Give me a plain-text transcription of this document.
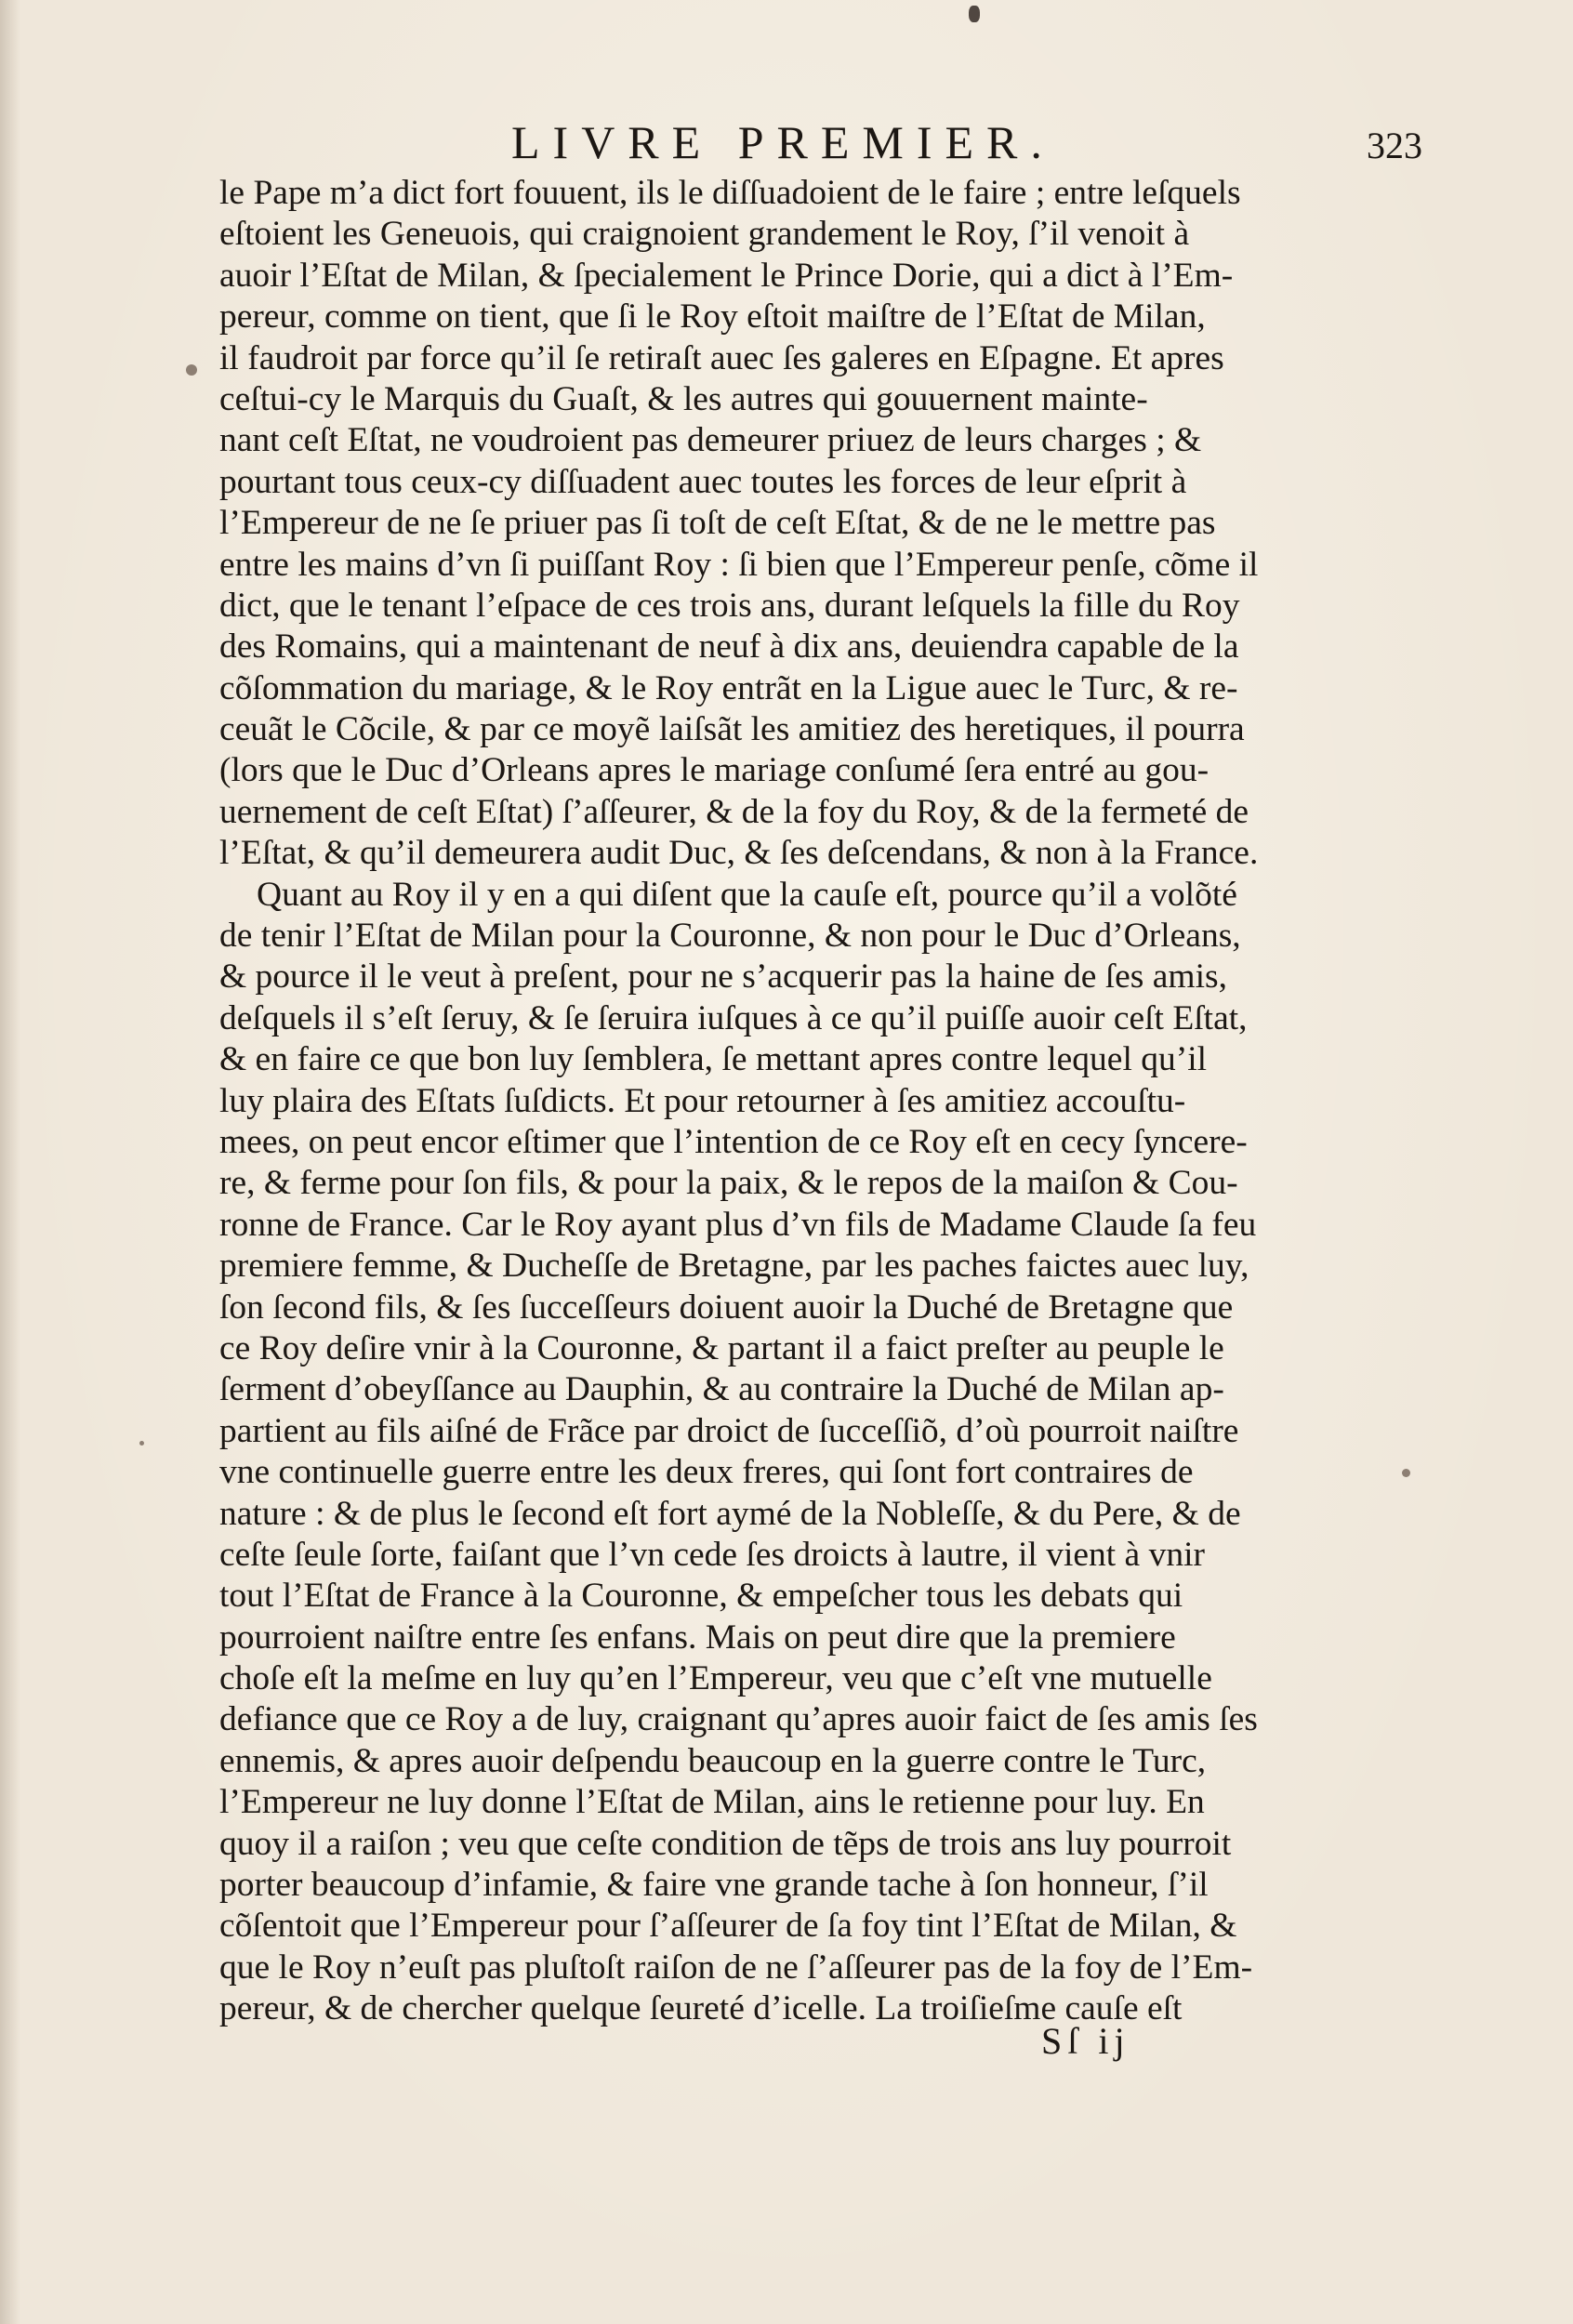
LIVRE PREMIER.	323
le Pape m’a dict fort fouuent, ils le diſſuadoient de le faire ; entre leſquels
eſtoient les Geneuois, qui craignoient grandement le Roy, ſ’il venoit à
auoir l’Eſtat de Milan, & ſpecialement le Prince Dorie, qui a dict à l’Em-
pereur, comme on tient, que ſi le Roy eſtoit maiſtre de l’Eſtat de Milan,
il faudroit par force qu’il ſe retiraſt auec ſes galeres en Eſpagne. Et apres
ceſtui-cy le Marquis du Guaſt, & les autres qui gouuernent mainte-
nant ceſt Eſtat, ne voudroient pas demeurer priuez de leurs charges ; &
pourtant tous ceux-cy diſſuadent auec toutes les forces de leur eſprit à
l’Empereur de ne ſe priuer pas ſi toſt de ceſt Eſtat, & de ne le mettre pas
entre les mains d’vn ſi puiſſant Roy : ſi bien que l’Empereur penſe, cõme il
dict, que le tenant l’eſpace de ces trois ans, durant leſquels la fille du Roy
des Romains, qui a maintenant de neuf à dix ans, deuiendra capable de la
cõſommation du mariage, & le Roy entrãt en la Ligue auec le Turc, & re-
ceuãt le Cõcile, & par ce moyẽ laiſsãt les amitiez des heretiques, il pourra
(lors que le Duc d’Orleans apres le mariage conſumé ſera entré au gou-
uernement de ceſt Eſtat) ſ’aſſeurer, & de la foy du Roy, & de la fermeté de
l’Eſtat, & qu’il demeurera audit Duc, & ſes deſcendans, & non à la France.
Quant au Roy il y en a qui diſent que la cauſe eſt, pource qu’il a volõté
de tenir l’Eſtat de Milan pour la Couronne, & non pour le Duc d’Orleans,
& pource il le veut à preſent, pour ne s’acquerir pas la haine de ſes amis,
deſquels il s’eſt ſeruy, & ſe ſeruira iuſques à ce qu’il puiſſe auoir ceſt Eſtat,
& en faire ce que bon luy ſemblera, ſe mettant apres contre lequel qu’il
luy plaira des Eſtats ſuſdicts. Et pour retourner à ſes amitiez accouſtu-
mees, on peut encor eſtimer que l’intention de ce Roy eſt en cecy ſyncere-
re, & ferme pour ſon fils, & pour la paix, & le repos de la maiſon & Cou-
ronne de France. Car le Roy ayant plus d’vn fils de Madame Claude ſa feu
premiere femme, & Ducheſſe de Bretagne, par les paches faictes auec luy,
ſon ſecond fils, & ſes ſucceſſeurs doiuent auoir la Duché de Bretagne que
ce Roy deſire vnir à la Couronne, & partant il a faict preſter au peuple le
ſerment d’obeyſſance au Dauphin, & au contraire la Duché de Milan ap-
partient au fils aiſné de Frãce par droict de ſucceſſiõ, d’où pourroit naiſtre
vne continuelle guerre entre les deux freres, qui ſont fort contraires de
nature : & de plus le ſecond eſt fort aymé de la Nobleſſe, & du Pere, & de
ceſte ſeule ſorte, faiſant que l’vn cede ſes droicts à lautre, il vient à vnir
tout l’Eſtat de France à la Couronne, & empeſcher tous les debats qui
pourroient naiſtre entre ſes enfans. Mais on peut dire que la premiere
choſe eſt la meſme en luy qu’en l’Empereur, veu que c’eſt vne mutuelle
defiance que ce Roy a de luy, craignant qu’apres auoir faict de ſes amis ſes
ennemis, & apres auoir deſpendu beaucoup en la guerre contre le Turc,
l’Empereur ne luy donne l’Eſtat de Milan, ains le retienne pour luy. En
quoy il a raiſon ; veu que ceſte condition de tẽps de trois ans luy pourroit
porter beaucoup d’infamie, & faire vne grande tache à ſon honneur, ſ’il
cõſentoit que l’Empereur pour ſ’aſſeurer de ſa foy tint l’Eſtat de Milan, &
que le Roy n’euſt pas pluſtoſt raiſon de ne ſ’aſſeurer pas de la foy de l’Em-
pereur, & de chercher quelque ſeureté d’icelle. La troiſieſme cauſe eſt
Sſ ij
